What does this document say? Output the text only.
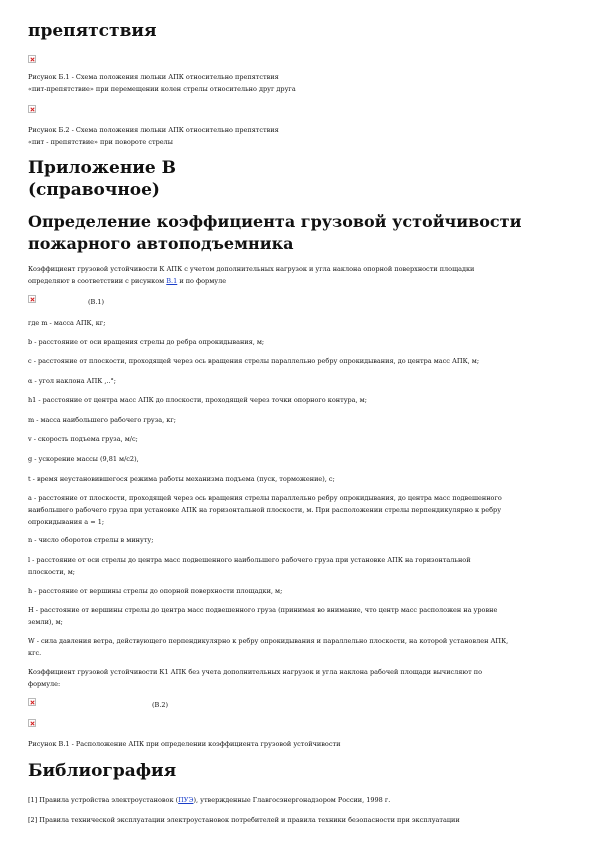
препятствия

Рисунок Б.1 - Схема положения люльки АПК относительно препятствия

«пит-препятствие» при перемещении колен стрелы относительно друг друга

Рисунок Б.2 - Схема положения люльки АПК относительно препятствия

«пит - препятствие» при повороте стрелы

Приложение В
(справочное)
Определение коэффициента грузовой устойчивости
пожарного автоподъемника

Коэффициент грузовой устойчивости К АПК с учетом дополнительных нагрузок и угла наклона опорной поверхности площадки

определяют в соответствии с рисунком В.1 и по формуле

(В.1)

где m - масса АПК, кг;

b - расстояние от оси вращения стрелы до ребра опрокидывания, м;

c - расстояние от плоскости, проходящей через ось вращения стрелы параллельно ребру опрокидывания, до центра масс АПК, м;

α - угол наклона АПК ,..°;

h1 - расстояние от центра масс АПК до плоскости, проходящей через точки опорного контура, м;

m - масса наибольшего рабочего груза, кг;

v - скорость подъема груза, м/с;

g - ускорение массы (9,81 м/с2),

t - время неустановившегося режима работы механизма подъема (пуск, торможение), с;

a - расстояние от плоскости, проходящей через ось вращения стрелы параллельно ребру опрокидывания, до центра масс подвешенного

наибольшего рабочего груза при установке АПК на горизонтальной плоскости, м. При расположении стрелы перпендикулярно к ребру

опрокидывания a = 1;

n - число оборотов стрелы в минуту;

l - расстояние от оси стрелы до центра масс подвешенного наибольшего рабочего груза при установке АПК на горизонтальной

плоскости, м;

h - расстояние от вершины стрелы до опорной поверхности площадки, м;

H - расстояние от вершины стрелы до центра масс подвешенного груза (принимая во внимание, что центр масс расположен на уровне

земли), м;

W - сила давления ветра, действующего перпендикулярно к ребру опрокидывания и параллельно плоскости, на которой установлен АПК,

кгс.

Коэффициент грузовой устойчивости К1 АПК без учета дополнительных нагрузок и угла наклона рабочей площади вычисляют по

формуле:

(В.2)

Рисунок В.1 - Расположение АПК при определении коэффициента грузовой устойчивости

Библиография

[1] Правила устройства электроустановок (ПУЭ), утвержденные Главгосэнергонадзором России, 1998 г.

[2] Правила технической эксплуатации электроустановок потребителей и правила техники безопасности при эксплуатации
